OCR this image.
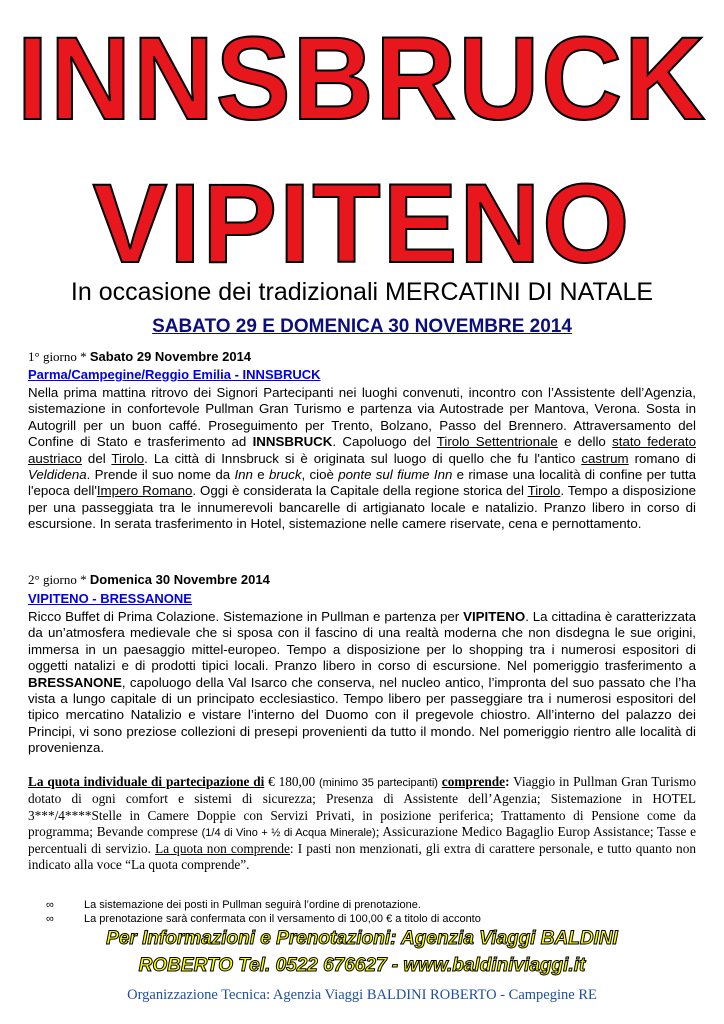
INNSBRUCK
VIPITENO
In occasione dei tradizionali MERCATINI DI NATALE
SABATO 29 E DOMENICA 30 NOVEMBRE 2014
1° giorno * Sabato 29 Novembre 2014
Parma/Campegine/Reggio Emilia - INNSBRUCK
Nella prima mattina ritrovo dei Signori Partecipanti nei luoghi convenuti, incontro con l’Assistente dell’Agenzia, sistemazione in confortevole Pullman Gran Turismo e partenza via Autostrade per Mantova, Verona. Sosta in Autogrill per un buon caffé. Proseguimento per Trento, Bolzano, Passo del Brennero. Attraversamento del Confine di Stato e trasferimento ad INNSBRUCK. Capoluogo del Tirolo Settentrionale e dello stato federato austriaco del Tirolo. La città di Innsbruck si è originata sul luogo di quello che fu l'antico castrum romano di Veldidena. Prende il suo nome da Inn e bruck, cioè ponte sul fiume Inn e rimase una località di confine per tutta l'epoca dell'Impero Romano. Oggi è considerata la Capitale della regione storica del Tirolo. Tempo a disposizione per una passeggiata tra le innumerevoli bancarelle di artigianato locale e natalizio. Pranzo libero in corso di escursione. In serata trasferimento in Hotel, sistemazione nelle camere riservate, cena e pernottamento.
2° giorno * Domenica 30 Novembre 2014
VIPITENO - BRESSANONE
Ricco Buffet di Prima Colazione. Sistemazione in Pullman e partenza per VIPITENO. La cittadina è caratterizzata da un’atmosfera medievale che si sposa con il fascino di una realtà moderna che non disdegna le sue origini, immersa in un paesaggio mittel-europeo. Tempo a disposizione per lo shopping tra i numerosi espositori di oggetti natalizi e di prodotti tipici locali. Pranzo libero in corso di escursione. Nel pomeriggio trasferimento a BRESSANONE, capoluogo della Val Isarco che conserva, nel nucleo antico, l’impronta del suo passato che l’ha vista a lungo capitale di un principato ecclesiastico. Tempo libero per passeggiare tra i numerosi espositori del tipico mercatino Natalizio e vistare l’interno del Duomo con il pregevole chiostro. All’interno del palazzo dei Principi, vi sono preziose collezioni di presepi provenienti da tutto il mondo. Nel pomeriggio rientro alle località di provenienza.
La quota individuale di partecipazione di € 180,00 (minimo 35 partecipanti) comprende: Viaggio in Pullman Gran Turismo dotato di ogni comfort e sistemi di sicurezza; Presenza di Assistente dell’Agenzia; Sistemazione in HOTEL 3***/4****Stelle in Camere Doppie con Servizi Privati, in posizione periferica; Trattamento di Pensione come da programma; Bevande comprese (1/4 di Vino + ½ di Acqua Minerale); Assicurazione Medico Bagaglio Europ Assistance; Tasse e percentuali di servizio. La quota non comprende: I pasti non menzionati, gli extra di carattere personale, e tutto quanto non indicato alla voce “La quota comprende”.
∞	La sistemazione dei posti in Pullman seguirà l’ordine di prenotazione.
∞	La prenotazione sarà confermata con il versamento di 100,00 € a titolo di acconto
Per Informazioni e Prenotazioni: Agenzia Viaggi BALDINI
ROBERTO Tel. 0522 676627 - www.baldiniviaggi.it
Organizzazione Tecnica: Agenzia Viaggi BALDINI ROBERTO - Campegine RE
